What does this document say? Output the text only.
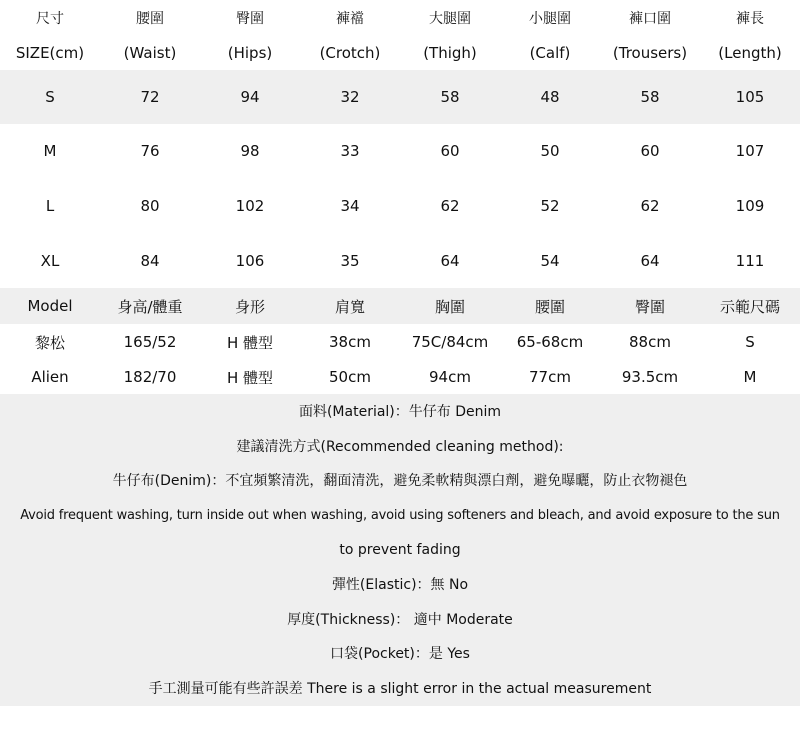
尺寸	腰圍	臀圍	褲襠	大腿圍	小腿圍	褲口圍	褲長
SIZE(cm)	(Waist)	(Hips)	(Crotch)	(Thigh)	(Calf)	(Trousers)	(Length)
S	72	94	32	58	48	58	105
M	76	98	33	60	50	60	107
L	80	102	34	62	52	62	109
XL	84	106	35	64	54	64	111
Model	身高/體重	身形	肩寬	胸圍	腰圍	臀圍	示範尺碼
黎松	165/52	H 體型	38cm	75C/84cm	65-68cm	88cm	S
Alien	182/70	H 體型	50cm	94cm	77cm	93.5cm	M
面料(Material)：牛仔布 Denim
建議清洗方式(Recommended cleaning method):
牛仔布(Denim)：不宜頻繁清洗，翻面清洗，避免柔軟精與漂白劑，避免曝曬，防止衣物褪色
Avoid frequent washing, turn inside out when washing, avoid using softeners and bleach, and avoid exposure to the sun
to prevent fading
彈性(Elastic)：無 No
厚度(Thickness)： 適中 Moderate
口袋(Pocket)：是 Yes
手工測量可能有些許誤差 There is a slight error in the actual measurement
